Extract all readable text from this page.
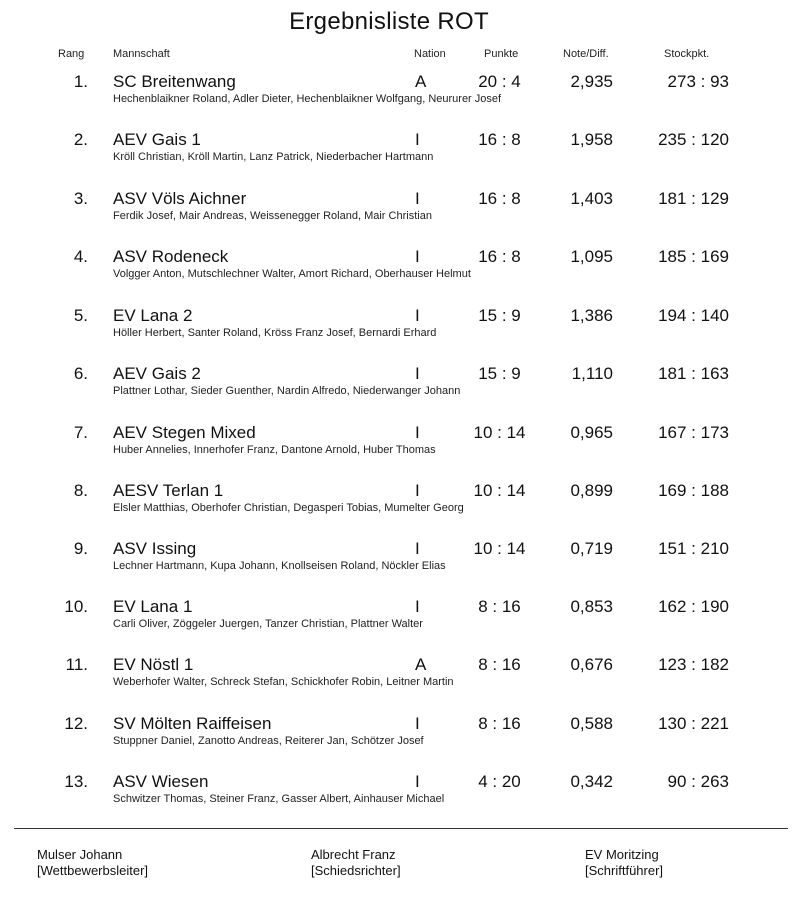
Ergebnisliste ROT
Rang	Mannschaft	Nation	Punkte	Note/Diff.	Stockpkt.
1. SC Breitenwang	A	20 : 4	2,935	273 : 93
Hechenblaikner Roland, Adler Dieter, Hechenblaikner Wolfgang, Neururer Josef
2. AEV Gais 1	I	16 : 8	1,958	235 : 120
Kröll Christian, Kröll Martin, Lanz Patrick, Niederbacher Hartmann
3. ASV Völs Aichner	I	16 : 8	1,403	181 : 129
Ferdik Josef, Mair Andreas, Weissenegger Roland, Mair Christian
4. ASV Rodeneck	I	16 : 8	1,095	185 : 169
Volgger Anton, Mutschlechner Walter, Amort Richard, Oberhauser Helmut
5. EV Lana 2	I	15 : 9	1,386	194 : 140
Höller Herbert, Santer Roland, Kröss Franz Josef, Bernardi Erhard
6. AEV Gais 2	I	15 : 9	1,110	181 : 163
Plattner Lothar, Sieder Guenther, Nardin Alfredo, Niederwanger Johann
7. AEV Stegen Mixed	I	10 : 14	0,965	167 : 173
Huber Annelies, Innerhofer Franz, Dantone Arnold, Huber Thomas
8. AESV Terlan 1	I	10 : 14	0,899	169 : 188
Elsler Matthias, Oberhofer Christian, Degasperi Tobias, Mumelter Georg
9. ASV Issing	I	10 : 14	0,719	151 : 210
Lechner Hartmann, Kupa Johann, Knollseisen Roland, Nöckler Elias
10. EV Lana 1	I	8 : 16	0,853	162 : 190
Carli Oliver, Zöggeler Juergen, Tanzer Christian, Plattner Walter
11. EV Nöstl 1	A	8 : 16	0,676	123 : 182
Weberhofer Walter, Schreck Stefan, Schickhofer Robin, Leitner Martin
12. SV Mölten Raiffeisen	I	8 : 16	0,588	130 : 221
Stuppner Daniel, Zanotto Andreas, Reiterer Jan, Schötzer Josef
13. ASV Wiesen	I	4 : 20	0,342	90 : 263
Schwitzer Thomas, Steiner Franz, Gasser Albert, Ainhauser Michael
Mulser Johann
[Wettbewerbsleiter]
Albrecht Franz
[Schiedsrichter]
EV Moritzing
[Schriftführer]
